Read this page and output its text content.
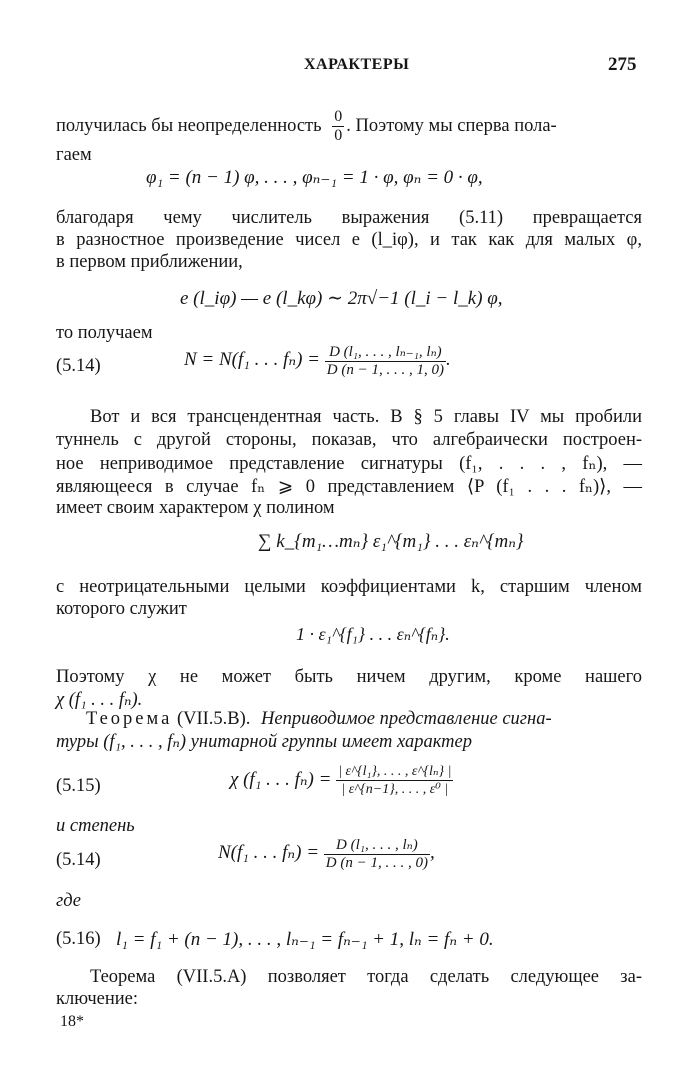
ХАРАКТЕРЫ	275
получилась бы неопределенность $\frac{0}{0}$ . Поэтому мы сперва пола-
гаем
φ₁ = (n − 1) φ, . . . , φₙ₋₁ = 1 · φ, φₙ = 0 · φ,
благодаря чему числитель выражения (5.11) превращается
в разностное произведение чисел e (l_iφ), и так как для малых φ,
в первом приближении,
e (l_iφ) — e (l_kφ) ∼ 2π√−1 (l_i − l_k) φ,
то получаем
(5.14)	N = N(f₁ . . . $f_n) = \frac{\text{D (l₁, . . . , lₙ₋₁, lₙ)}}{D (n - 1, . . . , 1, 0)}$ .
Вот и вся трансцендентная часть. В § 5 главы IV мы пробили
туннель с другой стороны, показав, что алгебраически построен-
ное неприводимое представление сигнатуры (f₁, . . . , fₙ), —
являющееся в случае fₙ ⩾ 0 представлением ⟨P (f₁ . . . fₙ)⟩, —
имеет своим характером χ полином
∑ k_{m₁…mₙ} ε₁^{m₁} . . . εₙ^{mₙ}
с неотрицательными целыми коэффициентами k, старшим членом
которого служит
1 · ε₁^{f₁} . . . εₙ^{fₙ}.
Поэтому χ не может быть ничем другим, кроме нашего
χ (f₁ . . . fₙ).
Теорема (VII.5.B). Неприводимое представление сигна-
туры (f₁, . . . , fₙ) унитарной группы имеет характер
(5.15)	χ (f₁ . . . $f_n) = \frac{\text{| ε\textasciicircum{}\{l₁\}, . . . , ε\textasciicircum{}\{lₙ\} |}}{\text{| ε\textasciicircum{}\{n−1\}, . . . , ε⁰ |}}$
и степень
(5.14)	N(f₁ . . . $f_n) = \frac{\text{D (l₁, . . . , lₙ)}}{D (n - 1, . . . , 0)}$ ,
где
(5.16) l₁ = f₁ + (n − 1), . . . , lₙ₋₁ = fₙ₋₁ + 1, lₙ = fₙ + 0.
Теорема (VII.5.A) позволяет тогда сделать следующее за-
ключение:
18*
